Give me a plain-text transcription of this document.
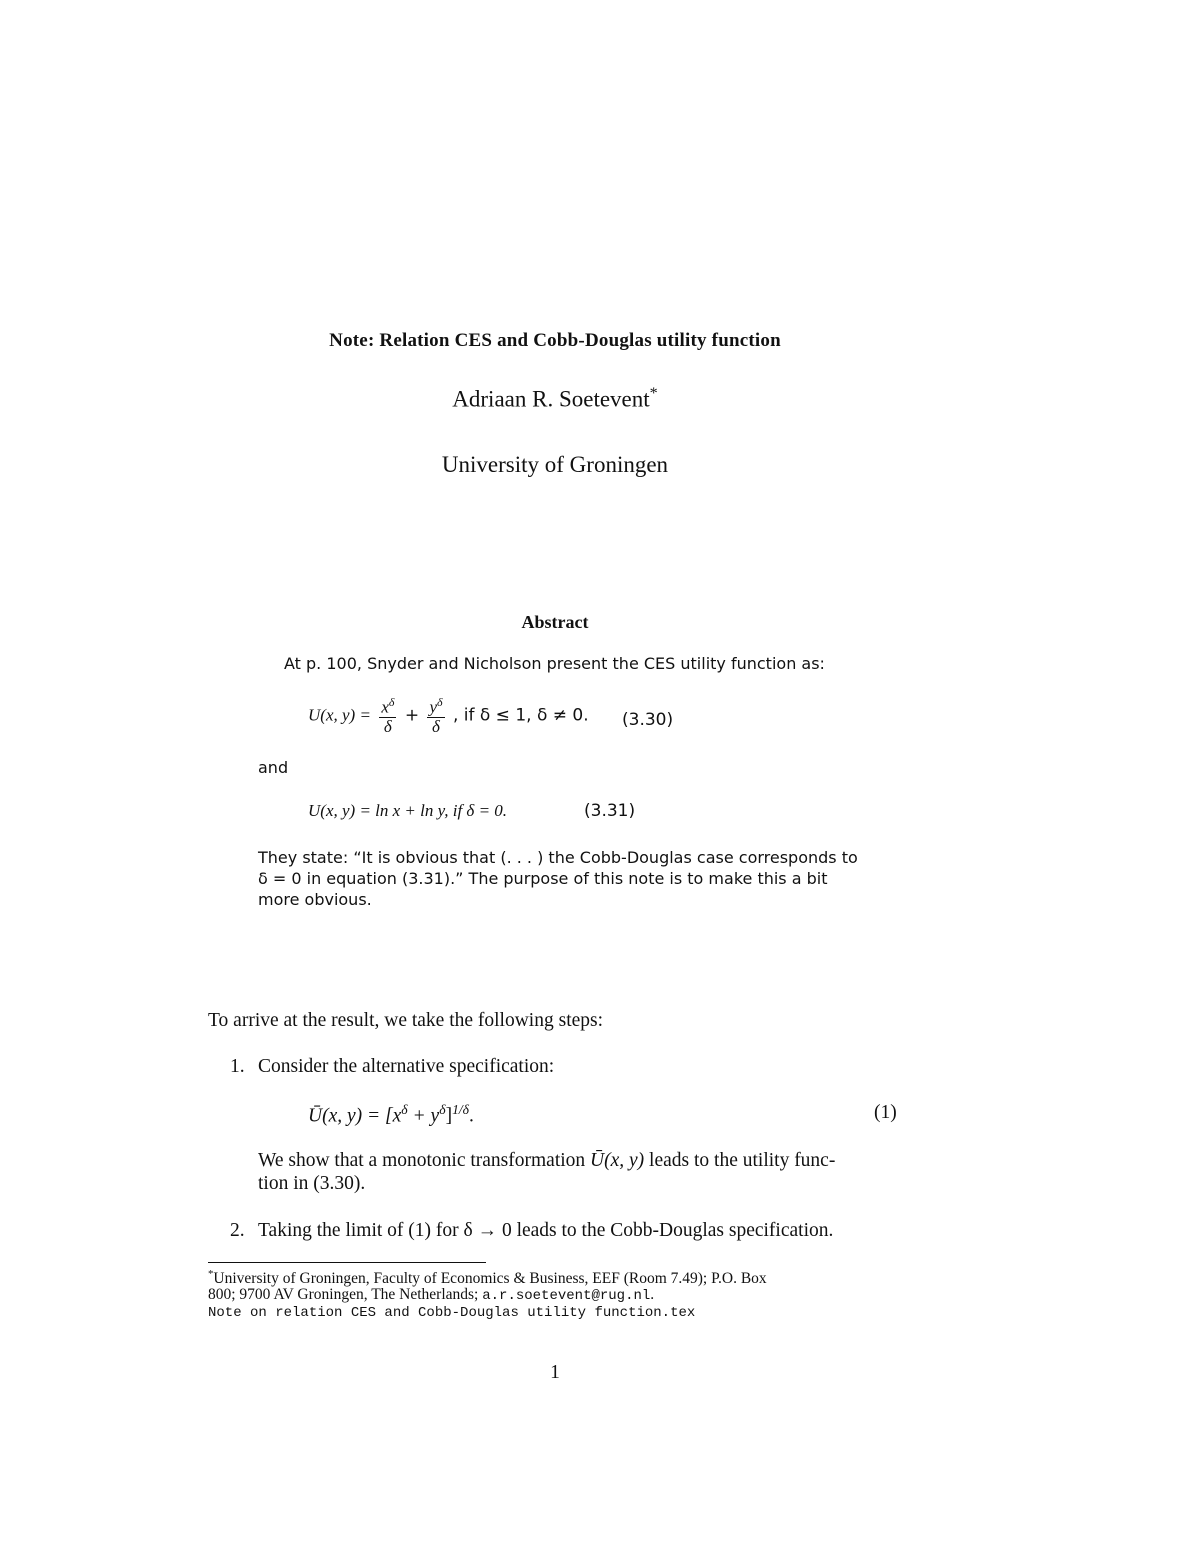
Note: Relation CES and Cobb-Douglas utility function
Adriaan R. Soetevent*
University of Groningen
Abstract
At p. 100, Snyder and Nicholson present the CES utility function as:
U(x, $y) = \frac{x^\delta}{\delta} + \frac{y^\delta}{\delta}$ , if δ ≤ 1, δ ≠ 0. (3.30)
and
U(x, y) = ln x + ln y, if δ = 0.	(3.31)
They state: “It is obvious that (. . . ) the Cobb-Douglas case corresponds to
δ = 0 in equation (3.31).” The purpose of this note is to make this a bit
more obvious.
To arrive at the result, we take the following steps:
1. Consider the alternative specification:
Ū(x, $y) = [x^\delta + y^\delta]^{1/\delta}$.	(1)
We show that a monotonic transformation Ū(x, y) leads to the utility func-
tion in (3.30).
2. Taking the limit of (1) for δ → 0 leads to the Cobb-Douglas specification.
*University of Groningen, Faculty of Economics & Business, EEF (Room 7.49); P.O. Box
800; 9700 AV Groningen, The Netherlands; a.r.soetevent@rug.nl.
Note on relation CES and Cobb-Douglas utility function.tex
1
